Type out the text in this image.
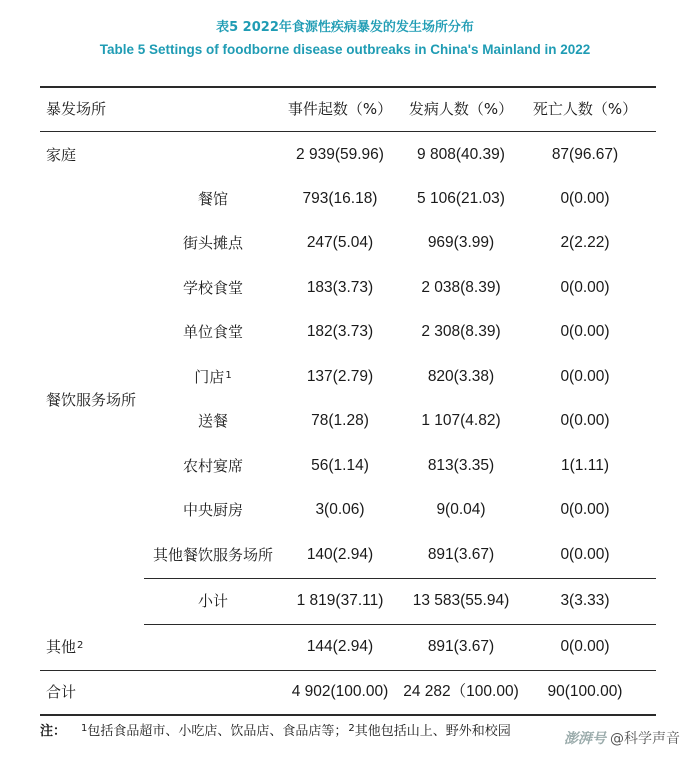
表5 2022年食源性疾病暴发的发生场所分布
Table 5 Settings of foodborne disease outbreaks in China's Mainland in 2022
暴发场所	事件起数（%）	发病人数（%）	死亡人数（%）
家庭	2 939(59.96)	9 808(40.39)	87(96.67)
餐饮服务场所
餐馆	793(16.18)	5 106(21.03)	0(0.00)
街头摊点	247(5.04)	969(3.99)	2(2.22)
学校食堂	183(3.73)	2 038(8.39)	0(0.00)
单位食堂	182(3.73)	2 308(8.39)	0(0.00)
门店$^1$	137(2.79)	820(3.38)	0(0.00)
送餐	78(1.28)	1 107(4.82)	0(0.00)
农村宴席	56(1.14)	813(3.35)	1(1.11)
中央厨房	3(0.06)	9(0.04)	0(0.00)
其他餐饮服务场所	140(2.94)	891(3.67)	0(0.00)
小计	1 819(37.11)	13 583(55.94)	3(3.33)
其他$^2$	144(2.94)	891(3.67)	0(0.00)
合计	4 902(100.00) 24 282（100.00)	90(100.00)
注： $^1$包括食品超市、小吃店、饮品店、食品店等；$^2$其他包括山上、野外和校园	澎湃号 @科学声音
